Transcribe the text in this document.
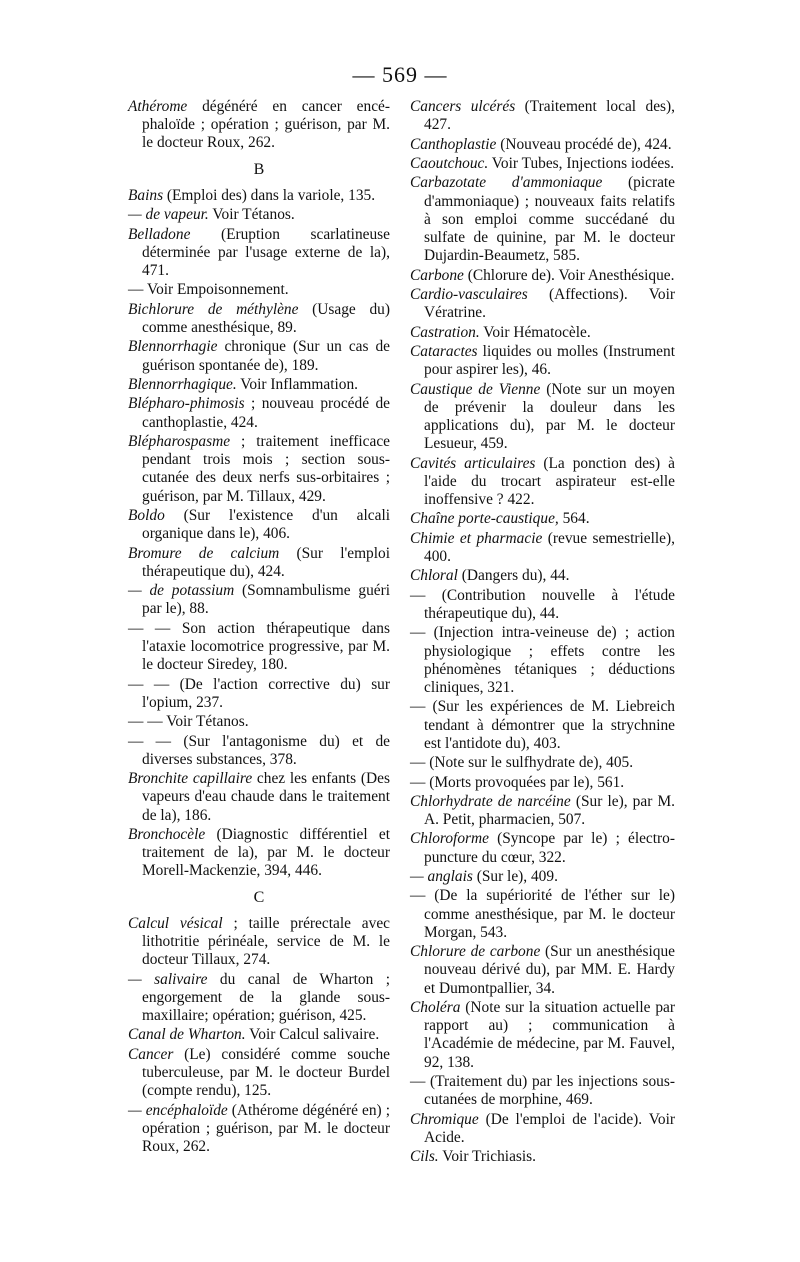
— 569 —
Athérome dégénéré en cancer encé-phaloïde ; opération ; guérison, par M. le docteur Roux, 262.
B
Bains (Emploi des) dans la variole, 135.
— de vapeur. Voir Tétanos.
Belladone (Eruption scarlatineuse déterminée par l'usage externe de la), 471.
— Voir Empoisonnement.
Bichlorure de méthylène (Usage du) comme anesthésique, 89.
Blennorrhagie chronique (Sur un cas de guérison spontanée de), 189.
Blennorrhagique. Voir Inflammation.
Blépharo-phimosis ; nouveau procédé de canthoplastie, 424.
Blépharospasme ; traitement inefficace pendant trois mois ; section sous-cutanée des deux nerfs sus-orbitaires ; guérison, par M. Tillaux, 429.
Boldo (Sur l'existence d'un alcali organique dans le), 406.
Bromure de calcium (Sur l'emploi thérapeutique du), 424.
— de potassium (Somnambulisme guéri par le), 88.
— — Son action thérapeutique dans l'ataxie locomotrice progressive, par M. le docteur Siredey, 180.
— — (De l'action corrective du) sur l'opium, 237.
— — Voir Tétanos.
— — (Sur l'antagonisme du) et de diverses substances, 378.
Bronchite capillaire chez les enfants (Des vapeurs d'eau chaude dans le traitement de la), 186.
Bronchocèle (Diagnostic différentiel et traitement de la), par M. le docteur Morell-Mackenzie, 394, 446.
C
Calcul vésical ; taille prérectale avec lithotritie périnéale, service de M. le docteur Tillaux, 274.
— salivaire du canal de Wharton ; engorgement de la glande sous-maxillaire; opération; guérison, 425.
Canal de Wharton. Voir Calcul salivaire.
Cancer (Le) considéré comme souche tuberculeuse, par M. le docteur Burdel (compte rendu), 125.
— encéphaloïde (Athérome dégénéré en) ; opération ; guérison, par M. le docteur Roux, 262.
Cancers ulcérés (Traitement local des), 427.
Canthoplastie (Nouveau procédé de), 424.
Caoutchouc. Voir Tubes, Injections iodées.
Carbazotate d'ammoniaque (picrate d'ammoniaque) ; nouveaux faits relatifs à son emploi comme succédané du sulfate de quinine, par M. le docteur Dujardin-Beaumetz, 585.
Carbone (Chlorure de). Voir Anesthésique.
Cardio-vasculaires (Affections). Voir Vératrine.
Castration. Voir Hématocèle.
Cataractes liquides ou molles (Instrument pour aspirer les), 46.
Caustique de Vienne (Note sur un moyen de prévenir la douleur dans les applications du), par M. le docteur Lesueur, 459.
Cavités articulaires (La ponction des) à l'aide du trocart aspirateur est-elle inoffensive ? 422.
Chaîne porte-caustique, 564.
Chimie et pharmacie (revue semestrielle), 400.
Chloral (Dangers du), 44.
— (Contribution nouvelle à l'étude thérapeutique du), 44.
— (Injection intra-veineuse de) ; action physiologique ; effets contre les phénomènes tétaniques ; déductions cliniques, 321.
— (Sur les expériences de M. Liebreich tendant à démontrer que la strychnine est l'antidote du), 403.
— (Note sur le sulfhydrate de), 405.
— (Morts provoquées par le), 561.
Chlorhydrate de narcéine (Sur le), par M. A. Petit, pharmacien, 507.
Chloroforme (Syncope par le) ; électro-puncture du cœur, 322.
— anglais (Sur le), 409.
— (De la supériorité de l'éther sur le) comme anesthésique, par M. le docteur Morgan, 543.
Chlorure de carbone (Sur un anesthésique nouveau dérivé du), par MM. E. Hardy et Dumontpallier, 34.
Choléra (Note sur la situation actuelle par rapport au) ; communication à l'Académie de médecine, par M. Fauvel, 92, 138.
— (Traitement du) par les injections sous-cutanées de morphine, 469.
Chromique (De l'emploi de l'acide). Voir Acide.
Cils. Voir Trichiasis.
